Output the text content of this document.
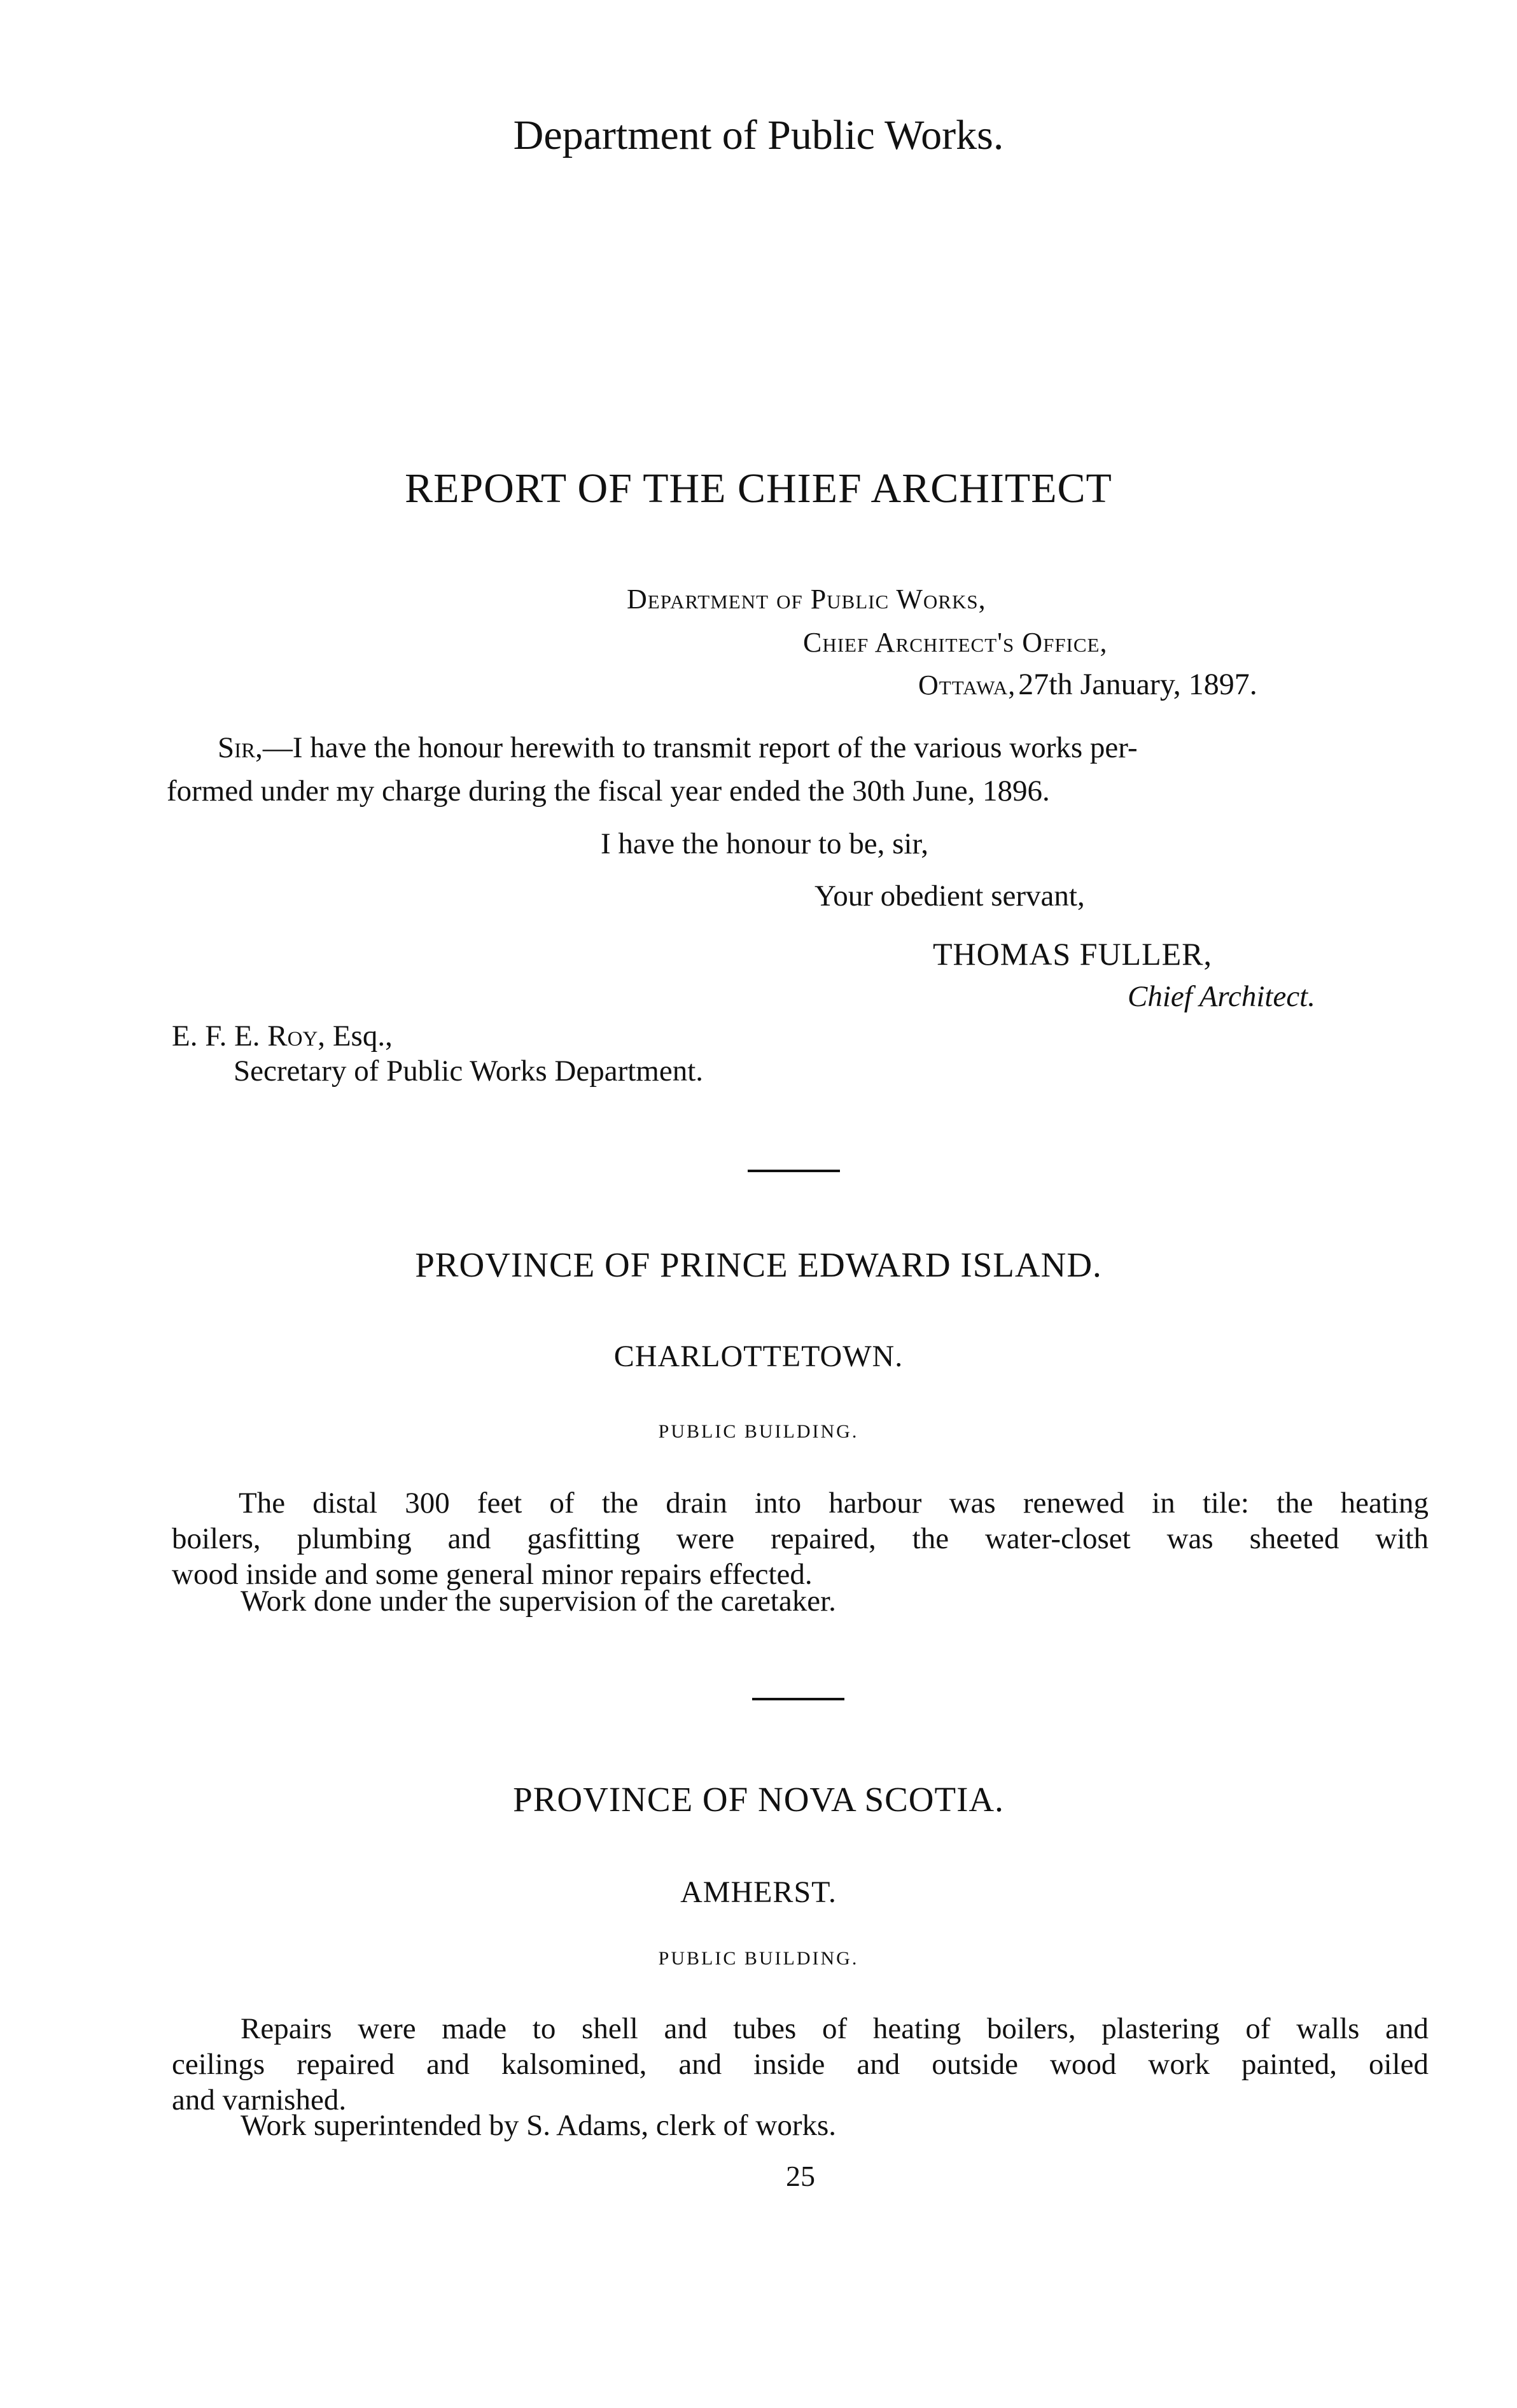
Department of Public Works.
REPORT OF THE CHIEF ARCHITECT
Department of Public Works,
Chief Architect's Office,
Ottawa, 27th January, 1897.
Sir,—I have the honour herewith to transmit report of the various works per-
formed under my charge during the fiscal year ended the 30th June, 1896.
I have the honour to be, sir,
Your obedient servant,
THOMAS FULLER,
Chief Architect.
E. F. E. Roy, Esq.,
Secretary of Public Works Department.
PROVINCE OF PRINCE EDWARD ISLAND.
CHARLOTTETOWN.
PUBLIC BUILDING.
The distal 300 feet of the drain into harbour was renewed in tile: the heating
boilers, plumbing and gasfitting were repaired, the water-closet was sheeted with
wood inside and some general minor repairs effected.
Work done under the supervision of the caretaker.
PROVINCE OF NOVA SCOTIA.
AMHERST.
PUBLIC BUILDING.
Repairs were made to shell and tubes of heating boilers, plastering of walls and
ceilings repaired and kalsomined, and inside and outside wood work painted, oiled
and varnished.
Work superintended by S. Adams, clerk of works.
25
